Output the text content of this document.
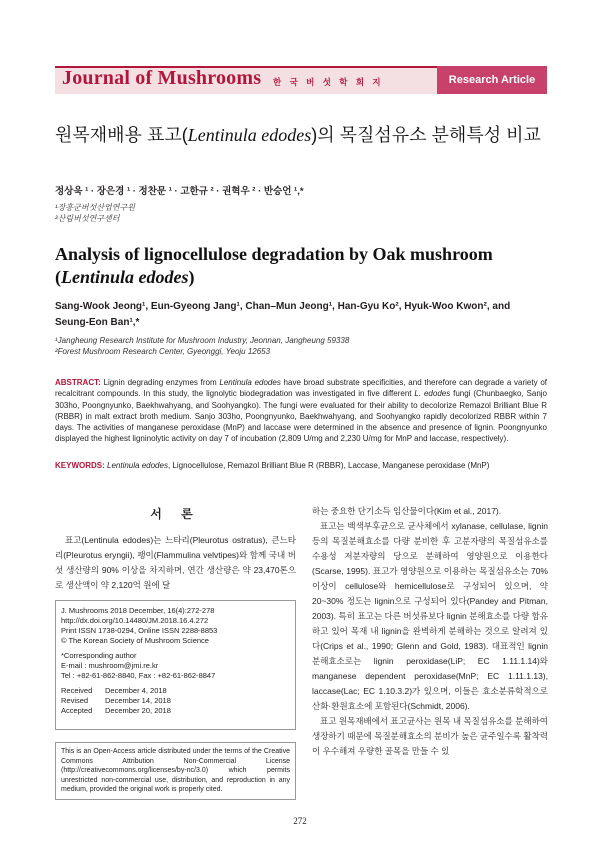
Journal of Mushrooms 한 국 버 섯 학 회 지	Research Article
원목재배용 표고(Lentinula edodes)의 목질섬유소 분해특성 비교
정상욱 ¹ · 장은경 ¹ · 정찬문 ¹ · 고한규 ² · 권혁우 ² · 반승언 ¹,*
¹장흥군버섯산업연구원
²산림버섯연구센터
Analysis of lignocellulose degradation by Oak mushroom (Lentinula edodes)
Sang-Wook Jeong¹, Eun-Gyeong Jang¹, Chan–Mun Jeong¹, Han-Gyu Ko², Hyuk-Woo Kwon², and Seung-Eon Ban¹,*
¹Jangheung Research Institute for Mushroom Industry, Jeonnan, Jangheung 59338
²Forest Mushroom Research Center, Gyeonggi, Yeoju 12653
ABSTRACT: Lignin degrading enzymes from Lentinula edodes have broad substrate specificities, and therefore can degrade a variety of recalcitrant compounds. In this study, the lignolytic biodegradation was investigated in five different L. edodes fungi (Chunbaegko, Sanjo 303ho, Poongnyunko, Baekhwahyang, and Soohyangko). The fungi were evaluated for their ability to decolorize Remazol Brilliant Blue R (RBBR) in malt extract broth medium. Sanjo 303ho, Poongnyunko, Baekhwahyang, and Soohyangko rapidly decolorized RBBR within 7 days. The activities of manganese peroxidase (MnP) and laccase were determined in the absence and presence of lignin. Poongnyunko displayed the highest ligninolytic activity on day 7 of incubation (2,809 U/mg and 2,230 U/mg for MnP and laccase, respectively).
KEYWORDS: Lentinula edodes, Lignocellulose, Remazol Brilliant Blue R (RBBR), Laccase, Manganese peroxidase (MnP)
서 론
표고(Lentinula edodes)는 느타리(Pleurotus ostratus), 큰느타리(Pleurotus eryngii), 팽이(Flammulina velvtipes)와 함께 국내 버섯 생산량의 90% 이상을 차지하며, 연간 생산량은 약 23,470톤으로 생산액이 약 2,120억 원에 달
J. Mushrooms 2018 December, 16(4):272-278
http://dx.doi.org/10.14480/JM.2018.16.4.272
Print ISSN 1738-0294, Online ISSN 2288-8853
© The Korean Society of Mushroom Science
*Corresponding author
E-mail : mushroom@jmi.re.kr
Tel : +82-61-862-8840, Fax : +82-61-862-8847
Received	December 4, 2018
Revised	December 14, 2018
Accepted	December 20, 2018
This is an Open-Access article distributed under the terms of the Creative Commons Attribution Non-Commercial License (http://creativecommons.org/licenses/by-nc/3.0) which permits unrestricted non-commercial use, distribution, and reproduction in any medium, provided the original work is properly cited.

하는 중요한 단기소득 임산물이다(Kim et al., 2017).

표고는 백색부후균으로 균사체에서 xylanase, cellulase, lignin 등의 목질분해효소를 다량 분비한 후 고분자량의 목질섬유소를 수용성 저분자량의 당으로 분해하여 영양원으로 이용한다(Scarse, 1995). 표고가 영양원으로 이용하는 목질섬유소는 70% 이상이 cellulose와 hemicellulose로 구성되어 있으며, 약 20~30% 정도는 lignin으로 구성되어 있다(Pandey and Pitman, 2003). 특히 표고는 다른 버섯류보다 lignin 분해효소를 다량 함유하고 있어 목재 내 lignin을 완벽하게 분해하는 것으로 알려져 있다(Crips et al., 1990; Glenn and Gold, 1983). 대표적인 lignin 분해효소로는 lignin peroxidase(LiP; EC 1.11.1.14)와 manganese dependent peroxidase(MnP; EC 1.11.1.13), laccase(Lac; EC 1.10.3.2)가 있으며, 이들은 효소분류학적으로 산화·환원효소에 포함된다(Schmidt, 2006).

표고 원목재배에서 표고균사는 원목 내 목질섬유소를 분해하여 생장하기 때문에 목질분해효소의 분비가 높은 균주일수록 활착력이 우수해져 우량한 골목을 만들 수 있

272
